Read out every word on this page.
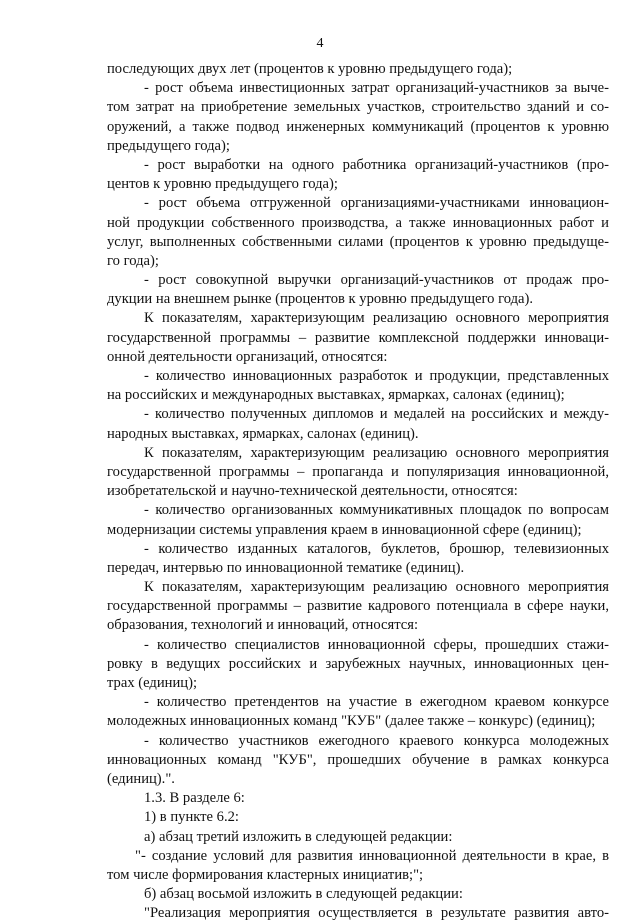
4
последующих двух лет (процентов к уровню предыдущего года);
- рост объема инвестиционных затрат организаций-участников за выче-
том затрат на приобретение земельных участков, строительство зданий и со-
оружений, а также подвод инженерных коммуникаций (процентов к уровню
предыдущего года);
- рост выработки на одного работника организаций-участников (про-
центов к уровню предыдущего года);
- рост объема отгруженной организациями-участниками инновацион-
ной продукции собственного производства, а также инновационных работ и
услуг, выполненных собственными силами (процентов к уровню предыдуще-
го года);
- рост совокупной выручки организаций-участников от продаж про-
дукции на внешнем рынке (процентов к уровню предыдущего года).
К показателям, характеризующим реализацию основного мероприятия
государственной программы – развитие комплексной поддержки инноваци-
онной деятельности организаций, относятся:
- количество инновационных разработок и продукции, представленных
на российских и международных выставках, ярмарках, салонах (единиц);
- количество полученных дипломов и медалей на российских и между-
народных выставках, ярмарках, салонах (единиц).
К показателям, характеризующим реализацию основного мероприятия
государственной программы – пропаганда и популяризация инновационной,
изобретательской и научно-технической деятельности, относятся:
- количество организованных коммуникативных площадок по вопросам
модернизации системы управления краем в инновационной сфере (единиц);
- количество изданных каталогов, буклетов, брошюр, телевизионных
передач, интервью по инновационной тематике (единиц).
К показателям, характеризующим реализацию основного мероприятия
государственной программы – развитие кадрового потенциала в сфере науки,
образования, технологий и инноваций, относятся:
- количество специалистов инновационной сферы, прошедших стажи-
ровку в ведущих российских и зарубежных научных, инновационных цен-
трах (единиц);
- количество претендентов на участие в ежегодном краевом конкурсе
молодежных инновационных команд "КУБ" (далее также – конкурс) (единиц);
- количество участников ежегодного краевого конкурса молодежных
инновационных команд "КУБ", прошедших обучение в рамках конкурса
(единиц).".
1.3. В разделе 6:
1) в пункте 6.2:
а) абзац третий изложить в следующей редакции:
"- создание условий для развития инновационной деятельности в крае, в
том числе формирования кластерных инициатив;";
б) абзац восьмой изложить в следующей редакции:
"Реализация мероприятия осуществляется в результате развития авто-
